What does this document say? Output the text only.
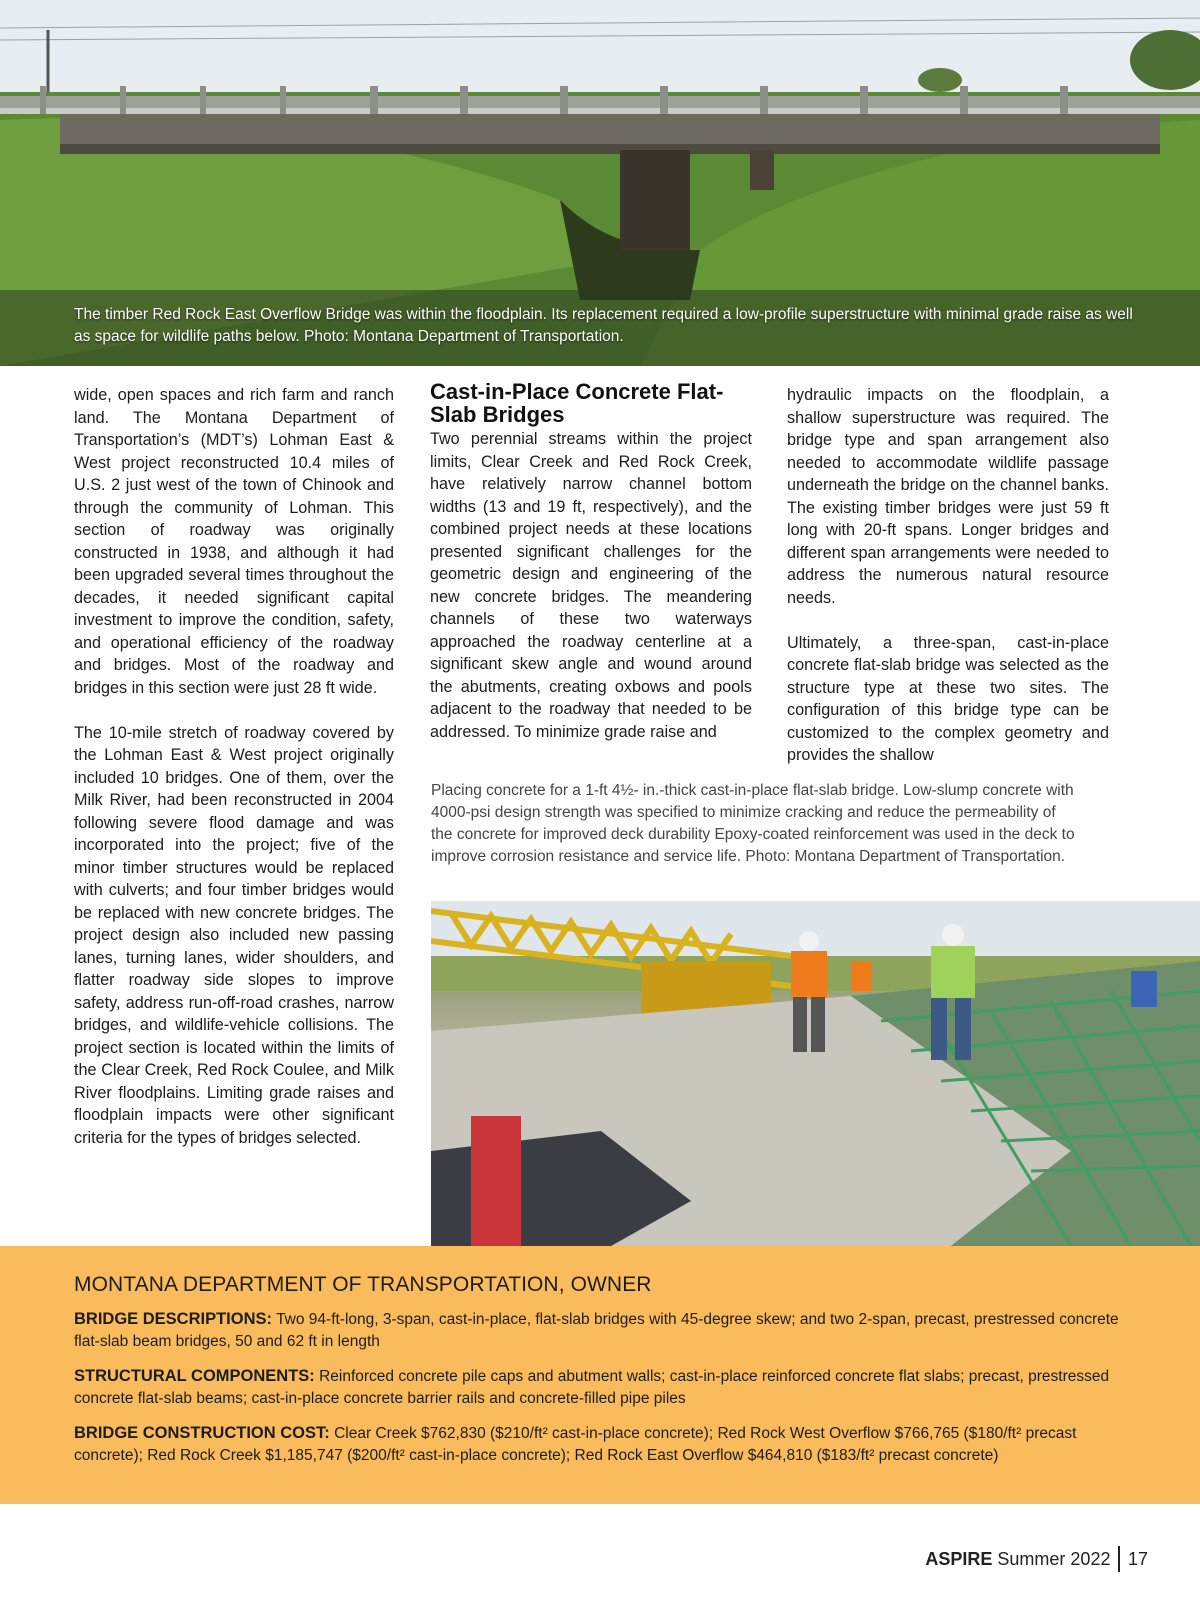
The timber Red Rock East Overflow Bridge was within the floodplain. Its replacement required a low-profile superstructure with minimal grade raise as well as space for wildlife paths below. Photo: Montana Department of Transportation.

wide, open spaces and rich farm and ranch land. The Montana Department of Transportation’s (MDT’s) Lohman East & West project reconstructed 10.4 miles of U.S. 2 just west of the town of Chinook and through the community of Lohman. This section of roadway was originally constructed in 1938, and although it had been upgraded several times throughout the decades, it needed significant capital investment to improve the condition, safety, and operational efficiency of the roadway and bridges. Most of the roadway and bridges in this section were just 28 ft wide.

The 10-mile stretch of roadway covered by the Lohman East & West project originally included 10 bridges. One of them, over the Milk River, had been reconstructed in 2004 following severe flood damage and was incorporated into the project; five of the minor timber structures would be replaced with culverts; and four timber bridges would be replaced with new concrete bridges. The project design also included new passing lanes, turning lanes, wider shoulders, and flatter roadway side slopes to improve safety, address run-off-road crashes, narrow bridges, and wildlife-vehicle collisions. The project section is located within the limits of the Clear Creek, Red Rock Coulee, and Milk River floodplains. Limiting grade raises and floodplain impacts were other significant criteria for the types of bridges selected.

Cast-in-Place Concrete Flat-Slab Bridges

Two perennial streams within the project limits, Clear Creek and Red Rock Creek, have relatively narrow channel bottom widths (13 and 19 ft, respectively), and the combined project needs at these locations presented significant challenges for the geometric design and engineering of the new concrete bridges. The meandering channels of these two waterways approached the roadway centerline at a significant skew angle and wound around the abutments, creating oxbows and pools adjacent to the roadway that needed to be addressed. To minimize grade raise and

hydraulic impacts on the floodplain, a shallow superstructure was required. The bridge type and span arrangement also needed to accommodate wildlife passage underneath the bridge on the channel banks. The existing timber bridges were just 59 ft long with 20-ft spans. Longer bridges and different span arrangements were needed to address the numerous natural resource needs.

Ultimately, a three-span, cast-in-place concrete flat-slab bridge was selected as the structure type at these two sites. The configuration of this bridge type can be customized to the complex geometry and provides the shallow

Placing concrete for a 1-ft 4½- in.-thick cast-in-place flat-slab bridge. Low-slump concrete with 4000-psi design strength was specified to minimize cracking and reduce the permeability of the concrete for improved deck durability Epoxy-coated reinforcement was used in the deck to improve corrosion resistance and service life. Photo: Montana Department of Transportation.
MONTANA DEPARTMENT OF TRANSPORTATION, OWNER
BRIDGE DESCRIPTIONS: Two 94-ft-long, 3-span, cast-in-place, flat-slab bridges with 45-degree skew; and two 2-span, precast, prestressed concrete flat-slab beam bridges, 50 and 62 ft in length
STRUCTURAL COMPONENTS: Reinforced concrete pile caps and abutment walls; cast-in-place reinforced concrete flat slabs; precast, prestressed concrete flat-slab beams; cast-in-place concrete barrier rails and concrete-filled pipe piles
BRIDGE CONSTRUCTION COST: Clear Creek $762,830 ($210/ft² cast-in-place concrete); Red Rock West Overflow $766,765 ($180/ft² precast concrete); Red Rock Creek $1,185,747 ($200/ft² cast-in-place concrete); Red Rock East Overflow $464,810 ($183/ft² precast concrete)
ASPIRE Summer 2022 17
